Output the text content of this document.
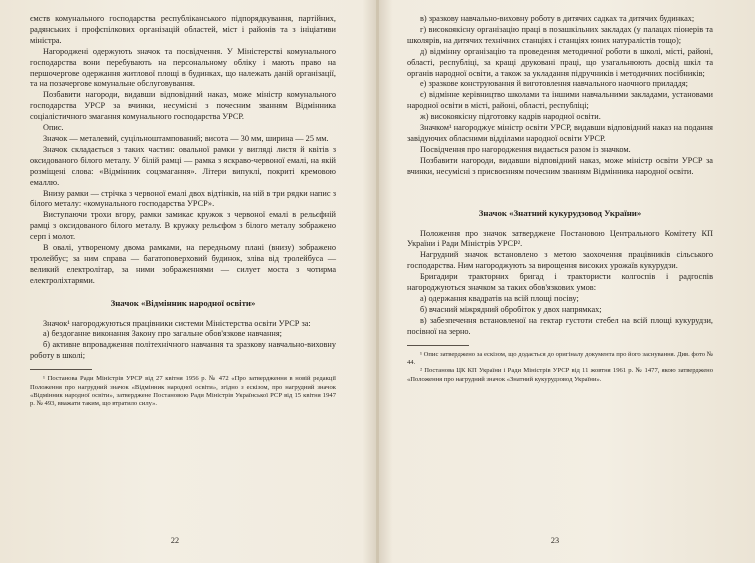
ємств комунального господарства республіканського підпорядкування, партійних, радянських і профспілкових організацій областей, міст і районів та з ініціативи міністра.

Нагороджені одержують значок та посвідчення. У Міністерстві комунального господарства вони перебувають на персональному обліку і мають право на першочергове одержання житлової площі в будинках, що належать даній організації, та на позачергове комунальне обслуговування.

Позбавити нагороди, видавши відповідний наказ, може міністр комунального господарства УРСР за вчинки, несумісні з почесним званням Відмінника соціалістичного змагання комунального господарства УРСР.

Опис.

Значок — металевий, суцільноштампований; висота — 30 мм, ширина — 25 мм.

Значок складається з таких частин: овальної рамки у вигляді листя й квітів з оксидованого білого металу. У білій рамці — рамка з яскраво-червоної емалі, на якій розміщені слова: «Відмінник соцзмагання». Літери випуклі, покриті кремовою емаллю.

Внизу рамки — стрічка з червоної емалі двох відтінків, на ній в три рядки напис з білого металу: «комунального господарства УРСР».

Виступаючи трохи вгору, рамки замикає кружок з червоної емалі в рельєфній рамці з оксидованого білого металу. В кружку рельєфом з білого металу зображено серп і молот.

В овалі, утвореному двома рамками, на передньому плані (внизу) зображено тролейбус; за ним справа — багатоповерховий будинок, зліва від тролейбуса — великий електролітар, за ними зображеннями — силует моста з чотирма електроліхтарями.

Значок «Відмінник народної освіти»

Значок¹ нагороджуються працівники системи Міністерства освіти УРСР за:

а) бездоганне виконання Закону про загальне обов'язкове навчання;

б) активне впровадження політехнічного навчання та зразкову навчально-виховну роботу в школі;

¹ Постанова Ради Міністрів УРСР від 27 квітня 1956 р. № 472 «Про затвердження в новій редакції Положення про нагрудний значок «Відмінник народної освіти», згідно з ескізом, про нагрудний значок «Відмінник народної освіти», затверджене Постановою Ради Міністрів Української РСР від 15 квітня 1947 р. № 493, вважати таким, що втратило силу».

22

в) зразкову навчально-виховну роботу в дитячих садках та дитячих будинках;

г) високоякісну організацію праці в позашкільних закладах (у палацах піонерів та школярів, на дитячих технічних станціях і станціях юних натуралістів тощо);

д) відмінну організацію та проведення методичної роботи в школі, місті, районі, області, республіці, за кращі друковані праці, що узагальнюють досвід шкіл та органів народної освіти, а також за укладання підручників і методичних посібників;

е) зразкове конструювання й виготовлення навчального наочного приладдя;

є) відмінне керівництво школами та іншими навчальними закладами, установами народної освіти в місті, районі, області, республіці;

ж) високоякісну підготовку кадрів народної освіти.

Значком¹ нагороджує міністр освіти УРСР, видавши відповідний наказ на подання завідуючих обласними відділами народної освіти УРСР.

Посвідчення про нагородження видається разом із значком.

Позбавити нагороди, видавши відповідний наказ, може міністр освіти УРСР за вчинки, несумісні з присвоєнням почесним званням Відмінника народної освіти.

Значок «Знатний кукурудзовод України»

Положення про значок затверджене Постановою Центрального Комітету КП України і Ради Міністрів УРСР².

Нагрудний значок встановлено з метою заохочення працівників сільського господарства. Ним нагороджують за вирощення високих урожаїв кукурудзи.

Бригадири тракторних бригад і трактористи колгоспів і радгоспів нагороджуються значком за таких обов'язкових умов:

а) одержання квадратів на всій площі посіву;

б) вчасний міжрядний обробіток у двох напрямках;

в) забезпечення встановленої на гектар густоти стебел на всій площі кукурудзи, посівної на зерно.

¹ Опис затверджено за ескізом, що додається до оригіналу документа про його заснування. Див. фото № 44.

² Постанова ЦК КП України і Ради Міністрів УРСР від 11 жовтня 1961 р. № 1477, якою затверджено «Положення про нагрудний значок «Знатний кукурудзовод України».

23
